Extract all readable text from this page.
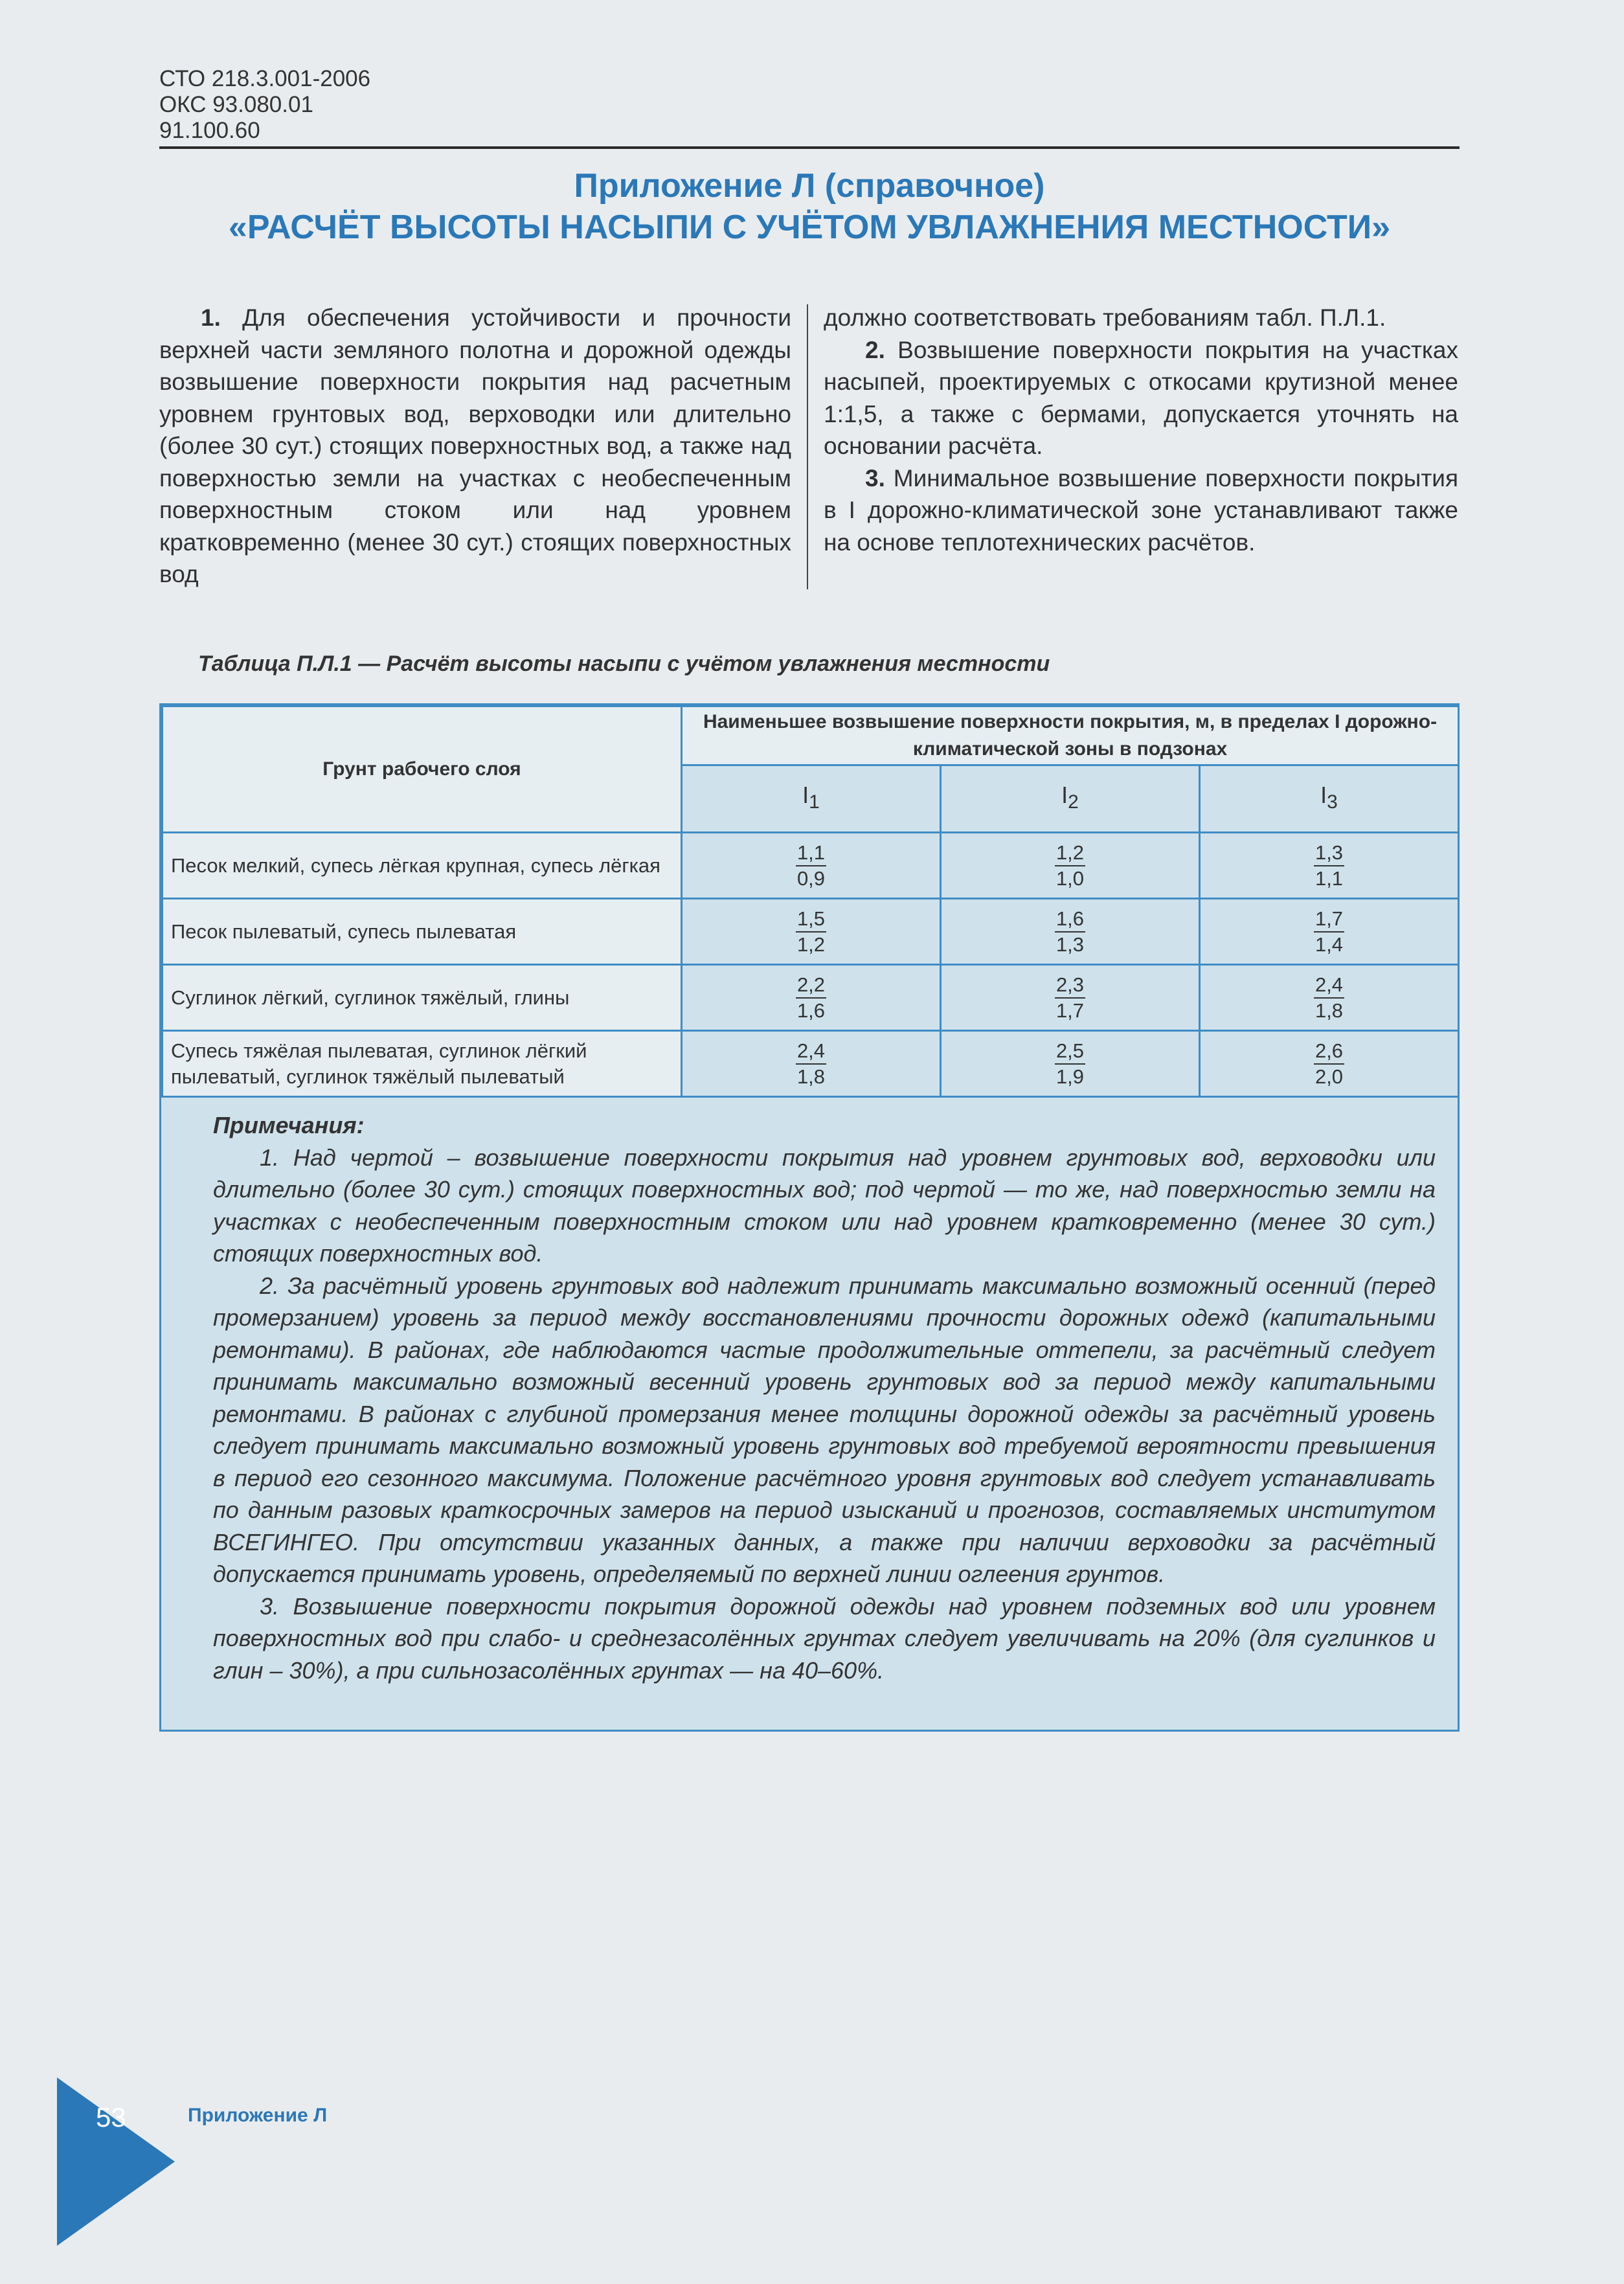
СТО 218.3.001-2006
ОКС 93.080.01
91.100.60
Приложение Л (справочное)
«РАСЧЁТ ВЫСОТЫ НАСЫПИ С УЧЁТОМ УВЛАЖНЕНИЯ МЕСТНОСТИ»

1. Для обеспечения устойчивости и прочности верхней части земляного полотна и дорожной одежды возвышение поверхности покрытия над расчетным уровнем грунтовых вод, верховодки или длительно (более 30 сут.) стоящих поверхностных вод, а также над поверхностью земли на участках с необеспеченным поверхностным стоком или над уровнем кратковременно (менее 30 сут.) стоящих поверхностных вод

должно соответствовать требованиям табл. П.Л.1.

2. Возвышение поверхности покрытия на участках насыпей, проектируемых с откосами крутизной менее 1:1,5, а также с бермами, допускается уточнять на основании расчёта.

3. Минимальное возвышение поверхности покрытия в I дорожно-климатической зоне устанавливают также на основе теплотехнических расчётов.

Таблица П.Л.1 — Расчёт высоты насыпи с учётом увлажнения местности
Грунт рабочего слоя	Наименьшее возвышение поверхности покрытия, м, в пределах I дорожно-климатической зоны в подзонах		
	$I_1$	$I_2$	$I_3$
Песок мелкий, супесь лёгкая крупная, супесь лёгкая	$\frac{1,1}{0,9}$	$\frac{1,2}{1,0}$	$\frac{1,3}{1,1}$

Песок пылеватый, супесь пылеватая	$\frac{1,5}{1,2}$	$\frac{1,6}{1,3}$	$\frac{1,7}{1,4}$

Суглинок лёгкий, суглинок тяжёлый, глины	$\frac{2,2}{1,6}$	$\frac{2,3}{1,7}$	$\frac{2,4}{1,8}$

Супесь тяжёлая пылеватая, суглинок лёгкий пылеватый, суглинок тяжёлый пылеватый	$\frac{2,4}{1,8}$	$\frac{2,5}{1,9}$	$\frac{2,6}{2,0}$

Примечания:

1. Над чертой – возвышение поверхности покрытия над уровнем грунтовых вод, верховодки или длительно (более 30 сут.) стоящих поверхностных вод; под чертой — то же, над поверхностью земли на участках с необеспеченным поверхностным стоком или над уровнем кратковременно (менее 30 сут.) стоящих поверхностных вод.

2. За расчётный уровень грунтовых вод надлежит принимать максимально возможный осенний (перед промерзанием) уровень за период между восстановлениями прочности дорожных одежд (капитальными ремонтами). В районах, где наблюдаются частые продолжительные оттепели, за расчётный следует принимать максимально возможный весенний уровень грунтовых вод за период между капитальными ремонтами. В районах с глубиной промерзания менее толщины дорожной одежды за расчётный уровень следует принимать максимально возможный уровень грунтовых вод требуемой вероятности превышения в период его сезонного максимума. Положение расчётного уровня грунтовых вод следует устанавливать по данным разовых краткосрочных замеров на период изысканий и прогнозов, составляемых институтом ВСЕГИНГЕО. При отсутствии указанных данных, а также при наличии верховодки за расчётный допускается принимать уровень, определяемый по верхней линии оглеения грунтов.

3. Возвышение поверхности покрытия дорожной одежды над уровнем подземных вод или уровнем поверхностных вод при слабо- и среднезасолённых грунтах следует увеличивать на 20% (для суглинков и глин – 30%), а при сильнозасолённых грунтах — на 40–60%.

53	Приложение Л
